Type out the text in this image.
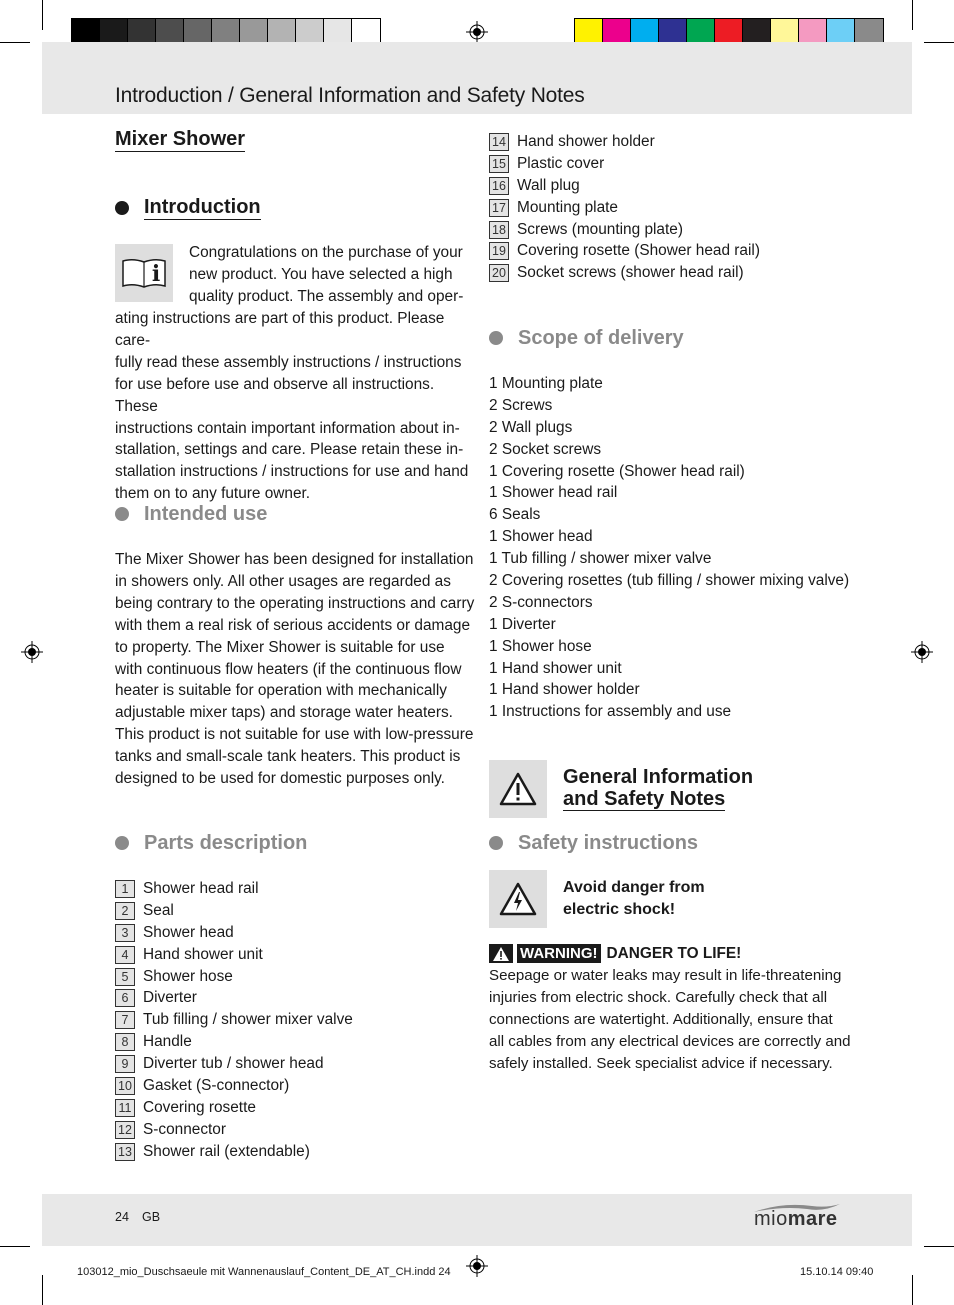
Introduction / General Information and Safety Notes
Mixer Shower
Introduction
i
Congratulations on the purchase of your
new product. You have selected a high
quality product. The assembly and oper-
ating instructions are part of this product. Please care-
fully read these assembly instructions / instructions
for use before use and observe all instructions. These
instructions contain important information about in-
stallation, settings and care. Please retain these in-
stallation instructions / instructions for use and hand
them on to any future owner.
Intended use
The Mixer Shower has been designed for installation
in showers only. All other usages are regarded as
being contrary to the operating instructions and carry
with them a real risk of serious accidents or damage
to property. The Mixer Shower is suitable for use
with continuous flow heaters (if the continuous flow
heater is suitable for operation with mechanically
adjustable mixer taps) and storage water heaters.
This product is not suitable for use with low-pressure
tanks and small-scale tank heaters. This product is
designed to be used for domestic purposes only.
Parts description
1 Shower head rail
2 Seal
3 Shower head
4 Hand shower unit
5 Shower hose
6 Diverter
7 Tub filling / shower mixer valve
8 Handle
9 Diverter tub / shower head
10 Gasket (S-connector)
11 Covering rosette
12 S-connector
13 Shower rail (extendable)
14 Hand shower holder
15 Plastic cover
16 Wall plug
17 Mounting plate
18 Screws (mounting plate)
19 Covering rosette (Shower head rail)
20 Socket screws (shower head rail)
Scope of delivery
1 Mounting plate
2 Screws
2 Wall plugs
2 Socket screws
1 Covering rosette (Shower head rail)
1 Shower head rail
6 Seals
1 Shower head
1 Tub filling / shower mixer valve
2 Covering rosettes (tub filling / shower mixing valve)
2 S-connectors
1 Diverter
1 Shower hose
1 Hand shower unit
1 Hand shower holder
1 Instructions for assembly and use
General Information
and Safety Notes
Safety instructions
Avoid danger from
electric shock!
WARNING! DANGER TO LIFE!
Seepage or water leaks may result in life-threatening
injuries from electric shock. Carefully check that all
connections are watertight. Additionally, ensure that
all cables from any electrical devices are correctly and
safely installed. Seek specialist advice if necessary.
24 GB	miomare
103012_mio_Duschsaeule mit Wannenauslauf_Content_DE_AT_CH.indd 24	15.10.14 09:40
